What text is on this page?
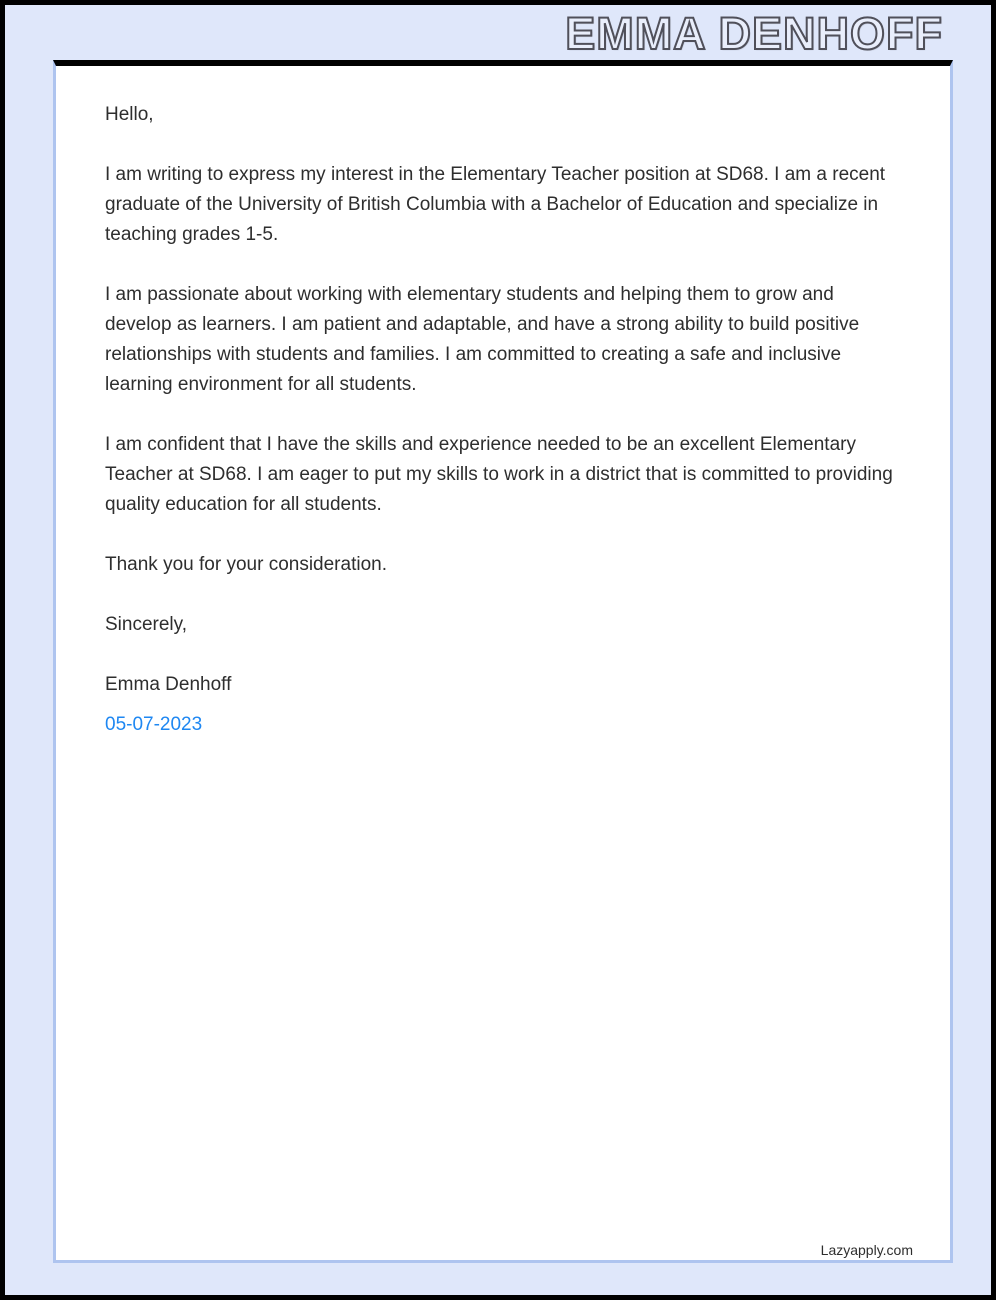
EMMA DENHOFF

Hello,

I am writing to express my interest in the Elementary Teacher position at SD68. I am a recent graduate of the University of British Columbia with a Bachelor of Education and specialize in teaching grades 1-5.

I am passionate about working with elementary students and helping them to grow and develop as learners. I am patient and adaptable, and have a strong ability to build positive relationships with students and families. I am committed to creating a safe and inclusive learning environment for all students.

I am confident that I have the skills and experience needed to be an excellent Elementary Teacher at SD68. I am eager to put my skills to work in a district that is committed to providing quality education for all students.

Thank you for your consideration.

Sincerely,

Emma Denhoff

05-07-2023

Lazyapply.com
